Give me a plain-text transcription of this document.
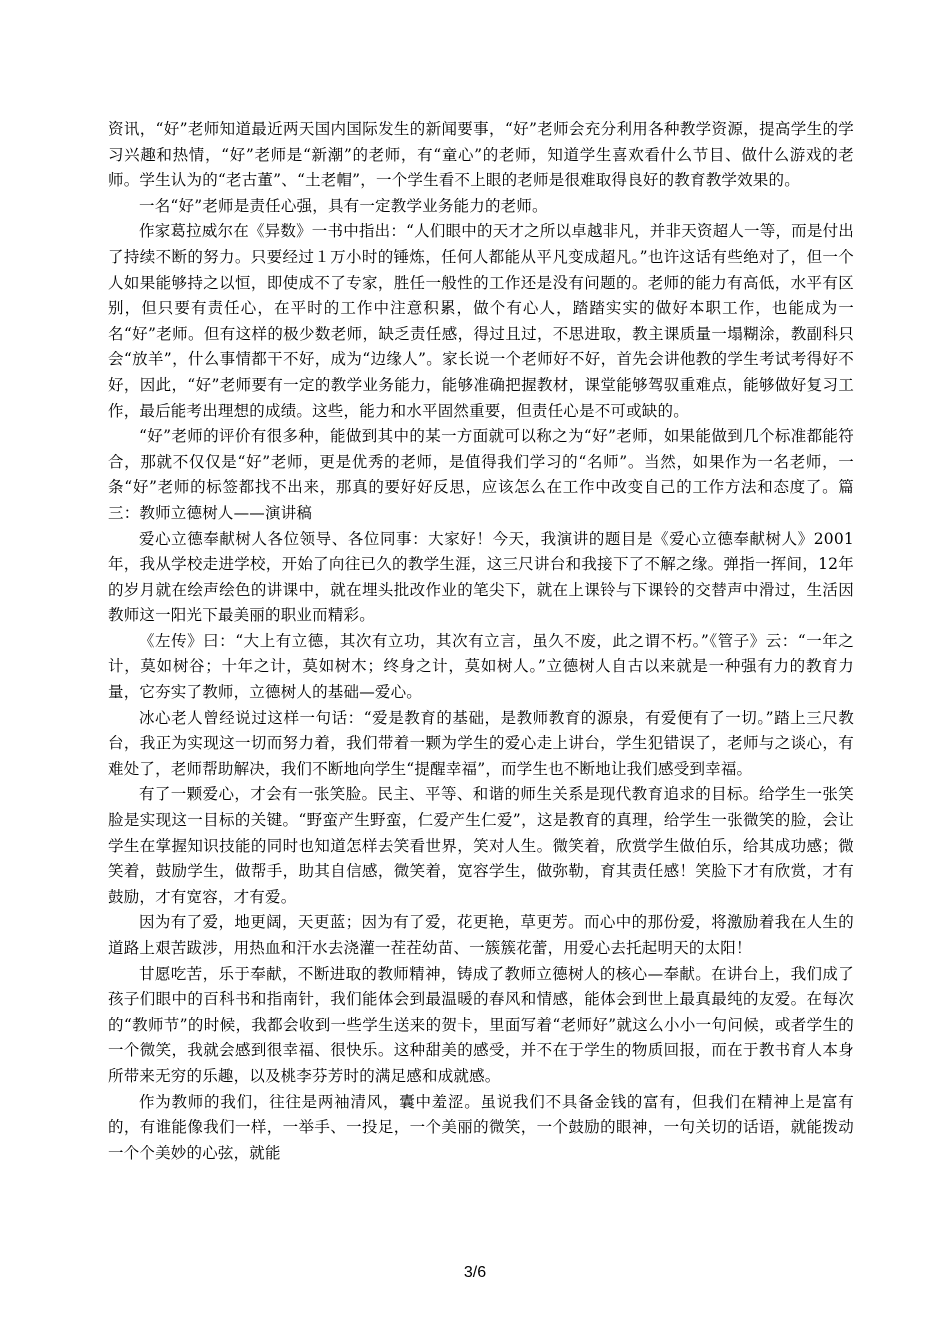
资讯，“好”老师知道最近两天国内国际发生的新闻要事，“好”老师会充分利用各种教学资源，提高学生的学习兴趣和热情，“好”老师是“新潮”的老师，有“童心”的老师，知道学生喜欢看什么节目、做什么游戏的老师。学生认为的“老古董”、“土老帽”，一个学生看不上眼的老师是很难取得良好的教育教学效果的。

一名“好”老师是责任心强，具有一定教学业务能力的老师。

作家葛拉威尔在《异数》一书中指出：“人们眼中的天才之所以卓越非凡，并非天资超人一等，而是付出了持续不断的努力。只要经过１万小时的锤炼，任何人都能从平凡变成超凡。”也许这话有些绝对了，但一个人如果能够持之以恒，即使成不了专家，胜任一般性的工作还是没有问题的。老师的能力有高低，水平有区别，但只要有责任心，在平时的工作中注意积累，做个有心人，踏踏实实的做好本职工作，也能成为一名“好”老师。但有这样的极少数老师，缺乏责任感，得过且过，不思进取，教主课质量一塌糊涂，教副科只会“放羊”，什么事情都干不好，成为“边缘人”。家长说一个老师好不好，首先会讲他教的学生考试考得好不好，因此，“好”老师要有一定的教学业务能力，能够准确把握教材，课堂能够驾驭重难点，能够做好复习工作，最后能考出理想的成绩。这些，能力和水平固然重要，但责任心是不可或缺的。

“好”老师的评价有很多种，能做到其中的某一方面就可以称之为“好”老师，如果能做到几个标准都能符合，那就不仅仅是“好”老师，更是优秀的老师，是值得我们学习的“名师”。当然，如果作为一名老师，一条“好”老师的标签都找不出来，那真的要好好反思，应该怎么在工作中改变自己的工作方法和态度了。篇三：教师立德树人——演讲稿

爱心立德奉献树人各位领导、各位同事：大家好！今天，我演讲的题目是《爱心立德奉献树人》2001年，我从学校走进学校，开始了向往已久的教学生涯，这三尺讲台和我接下了不解之缘。弹指一挥间，12年的岁月就在绘声绘色的讲课中，就在埋头批改作业的笔尖下，就在上课铃与下课铃的交替声中滑过，生活因教师这一阳光下最美丽的职业而精彩。

《左传》曰：“大上有立德，其次有立功，其次有立言，虽久不废，此之谓不朽。”《管子》云：“一年之计，莫如树谷；十年之计，莫如树木；终身之计，莫如树人。”立德树人自古以来就是一种强有力的教育力量，它夯实了教师，立德树人的基础—爱心。

冰心老人曾经说过这样一句话：“爱是教育的基础，是教师教育的源泉，有爱便有了一切。”踏上三尺教台，我正为实现这一切而努力着，我们带着一颗为学生的爱心走上讲台，学生犯错误了，老师与之谈心，有难处了，老师帮助解决，我们不断地向学生“提醒幸福”，而学生也不断地让我们感受到幸福。

有了一颗爱心，才会有一张笑脸。民主、平等、和谐的师生关系是现代教育追求的目标。给学生一张笑脸是实现这一目标的关键。“野蛮产生野蛮，仁爱产生仁爱”，这是教育的真理，给学生一张微笑的脸，会让学生在掌握知识技能的同时也知道怎样去笑看世界，笑对人生。微笑着，欣赏学生做伯乐，给其成功感；微笑着，鼓励学生，做帮手，助其自信感，微笑着，宽容学生，做弥勒，育其责任感！笑脸下才有欣赏，才有鼓励，才有宽容，才有爱。

因为有了爱，地更阔，天更蓝；因为有了爱，花更艳，草更芳。而心中的那份爱，将激励着我在人生的道路上艰苦跋涉，用热血和汗水去浇灌一茬茬幼苗、一簇簇花蕾，用爱心去托起明天的太阳！

甘愿吃苦，乐于奉献，不断进取的教师精神，铸成了教师立德树人的核心—奉献。在讲台上，我们成了孩子们眼中的百科书和指南针，我们能体会到最温暖的春风和情感，能体会到世上最真最纯的友爱。在每次的“教师节”的时候，我都会收到一些学生送来的贺卡，里面写着“老师好”就这么小小一句问候，或者学生的一个微笑，我就会感到很幸福、很快乐。这种甜美的感受，并不在于学生的物质回报，而在于教书育人本身所带来无穷的乐趣，以及桃李芬芳时的满足感和成就感。

作为教师的我们，往往是两袖清风，囊中羞涩。虽说我们不具备金钱的富有，但我们在精神上是富有的，有谁能像我们一样，一举手、一投足，一个美丽的微笑，一个鼓励的眼神，一句关切的话语，就能拨动一个个美妙的心弦，就能

3/6
